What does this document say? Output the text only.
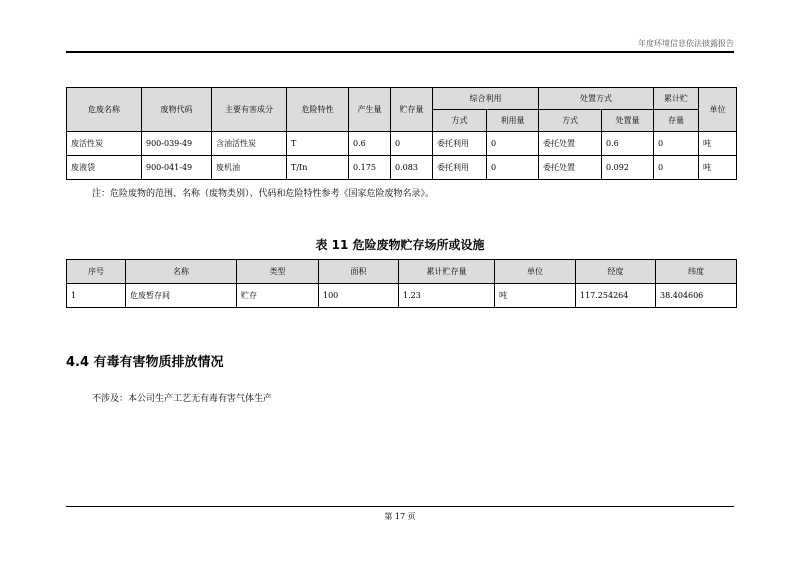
年度环境信息依法披露报告
危废名称	废物代码	主要有害成分	危险特性	产生量	贮存量	综合利用		处置方式		累计贮	单位
						方式	利用量	方式	处置量	存量	
废活性炭	900-039-49	含油活性炭	T	0.6	0	委托利用	0	委托处置	0.6	0	吨
废液袋	900-041-49	废机油	T/In	0.175	0.083	委托利用	0	委托处置	0.092	0	吨
注：危险废物的范围、名称（废物类别）、代码和危险特性参考《国家危险废物名录》。
表 11 危险废物贮存场所或设施
序号	名称	类型	面积	累计贮存量	单位	经度	纬度
1	危废暂存间	贮存	100	1.23	吨	117.254264	38.404606
4.4 有毒有害物质排放情况
不涉及：本公司生产工艺无有毒有害气体生产
第 17 页
